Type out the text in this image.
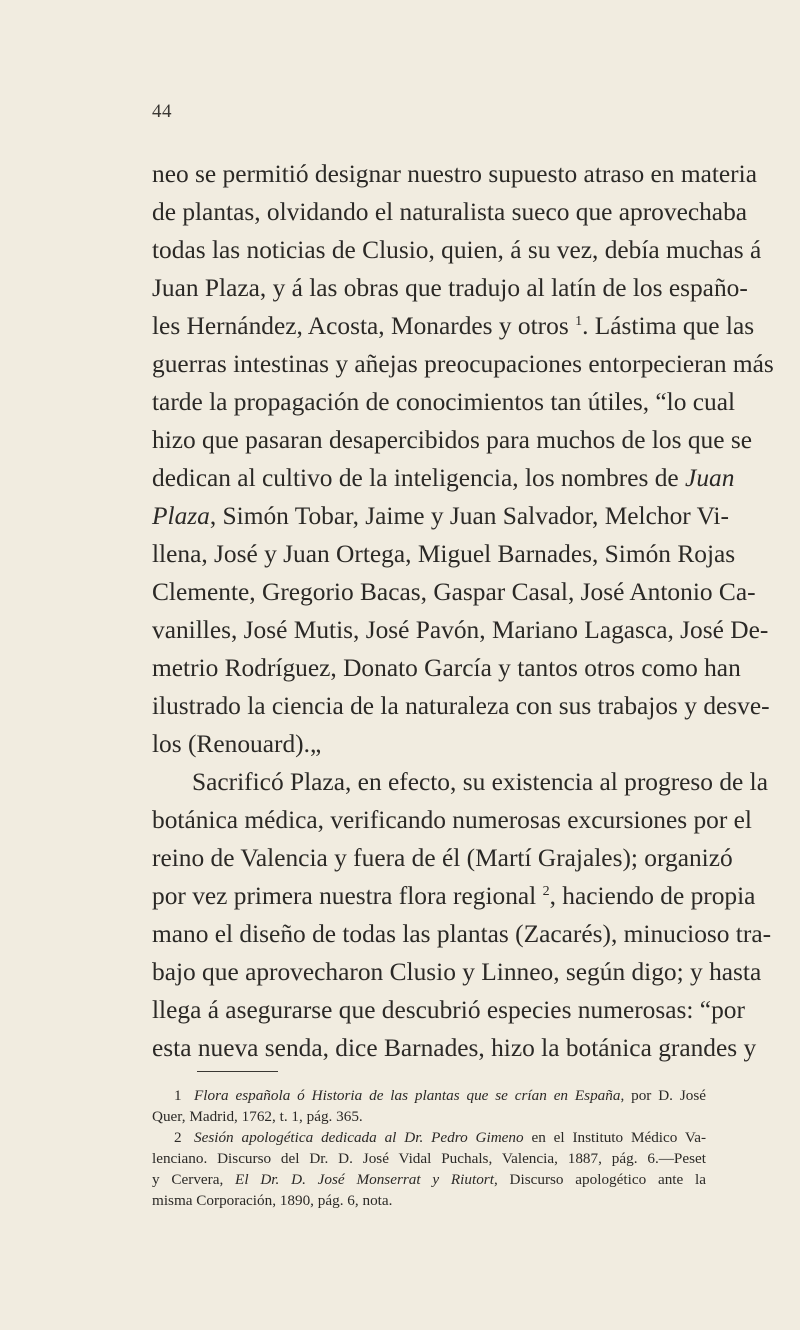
44
neo se permitió designar nuestro supuesto atraso en materia
de plantas, olvidando el naturalista sueco que aprovechaba
todas las noticias de Clusio, quien, á su vez, debía muchas á
Juan Plaza, y á las obras que tradujo al latín de los españo-
les Hernández, Acosta, Monardes y otros $^1$. Lástima que las
guerras intestinas y añejas preocupaciones entorpecieran más
tarde la propagación de conocimientos tan útiles, “lo cual
hizo que pasaran desapercibidos para muchos de los que se
dedican al cultivo de la inteligencia, los nombres de Juan
Plaza, Simón Tobar, Jaime y Juan Salvador, Melchor Vi-
llena, José y Juan Ortega, Miguel Barnades, Simón Rojas
Clemente, Gregorio Bacas, Gaspar Casal, José Antonio Ca-
vanilles, José Mutis, José Pavón, Mariano Lagasca, José De-
metrio Rodríguez, Donato García y tantos otros como han
ilustrado la ciencia de la naturaleza con sus trabajos y desve-
los (Renouard).„
Sacrificó Plaza, en efecto, su existencia al progreso de la
botánica médica, verificando numerosas excursiones por el
reino de Valencia y fuera de él (Martí Grajales); organizó
por vez primera nuestra flora regional $^2$, haciendo de propia
mano el diseño de todas las plantas (Zacarés), minucioso tra-
bajo que aprovecharon Clusio y Linneo, según digo; y hasta
llega á asegurarse que descubrió especies numerosas: “por
esta nueva senda, dice Barnades, hizo la botánica grandes y
1 Flora española ó Historia de las plantas que se crían en España, por D. José
Quer, Madrid, 1762, t. 1, pág. 365.
2 Sesión apologética dedicada al Dr. Pedro Gimeno en el Instituto Médico Va-
lenciano. Discurso del Dr. D. José Vidal Puchals, Valencia, 1887, pág. 6.—Peset
y Cervera, El Dr. D. José Monserrat y Riutort, Discurso apologético ante la
misma Corporación, 1890, pág. 6, nota.
